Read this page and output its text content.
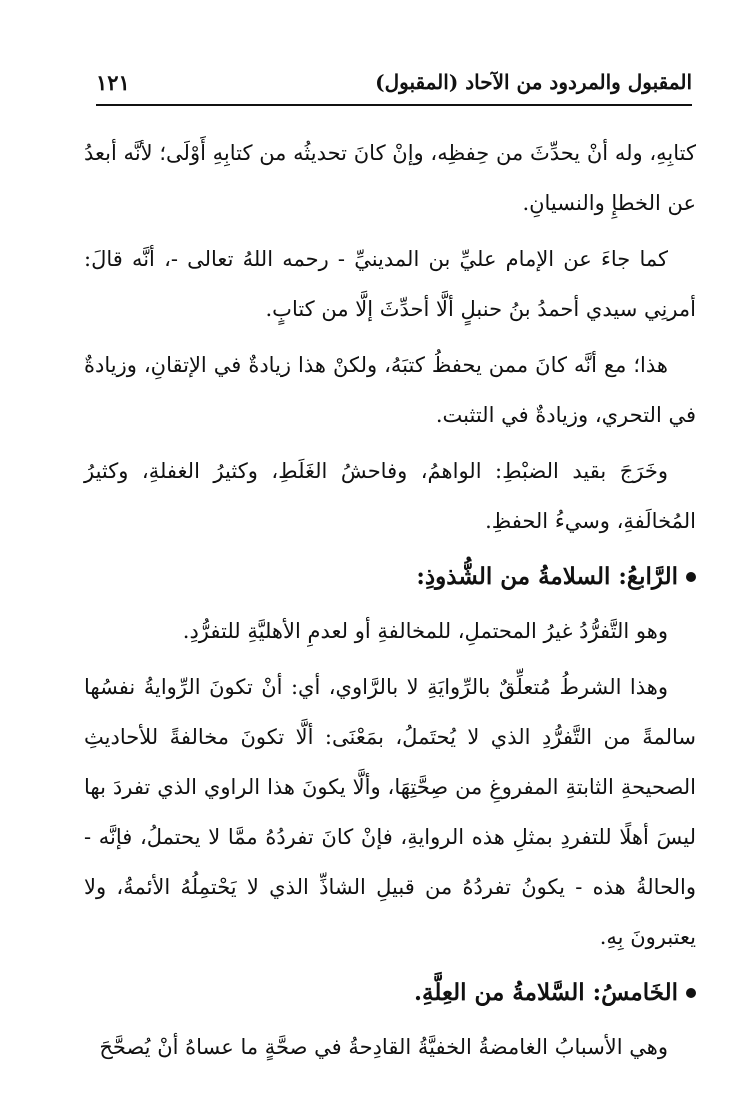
المقبول والمردود من الآحاد (المقبول)
١٢١

كتابِهِ، وله أنْ يحدِّثَ من حِفظِه، وإنْ كانَ تحديثُه من كتابِهِ أَوْلَى؛ لأنَّه أبعدُ عن الخطإِ والنسيانِ.

كما جاءَ عن الإمام عليِّ بن المدينيِّ - رحمه اللهُ تعالى -، أنَّه قالَ: أمرنِي سيدي أحمدُ بنُ حنبلٍ ألَّا أحدِّثَ إلَّا من كتابٍ.

هذا؛ مع أنَّه كانَ ممن يحفظُ كتبَهُ، ولكنْ هذا زيادةٌ في الإتقانِ، وزيادةٌ في التحري، وزيادةٌ في التثبت.

وخَرَجَ بقيد الضبْطِ: الواهمُ، وفاحشُ الغَلَطِ، وكثيرُ الغفلةِ، وكثيرُ المُخالَفةِ، وسيءُ الحفظِ.

الرَّابعُ: السلامةُ من الشُّذوذِ:

وهو التَّفرُّدُ غيرُ المحتملِ، للمخالفةِ أو لعدمِ الأهليَّةِ للتفرُّدِ.

وهذا الشرطُ مُتعلِّقٌ بالرِّوايَةِ لا بالرَّاوي، أي: أنْ تكونَ الرِّوايةُ نفسُها سالمةً من التَّفرُّدِ الذي لا يُحتَملُ، بمَعْنَى: ألَّا تكونَ مخالفةً للأحاديثِ الصحيحةِ الثابتةِ المفروغِ من صِحَّتِهَا، وألَّا يكونَ هذا الراوي الذي تفردَ بها ليسَ أهلًا للتفردِ بمثلِ هذه الروايةِ، فإنْ كانَ تفردُهُ ممَّا لا يحتملُ، فإنَّه - والحالةُ هذه - يكونُ تفردُهُ من قبيلِ الشاذِّ الذي لا يَحْتمِلُهُ الأئمةُ، ولا يعتبرونَ بِهِ.

الخَامسُ: السَّلامةُ من العِلَّةِ.

وهي الأسبابُ الغامضةُ الخفيَّةُ القادِحةُ في صحَّةٍ ما عساهُ أنْ يُصحَّحَ
